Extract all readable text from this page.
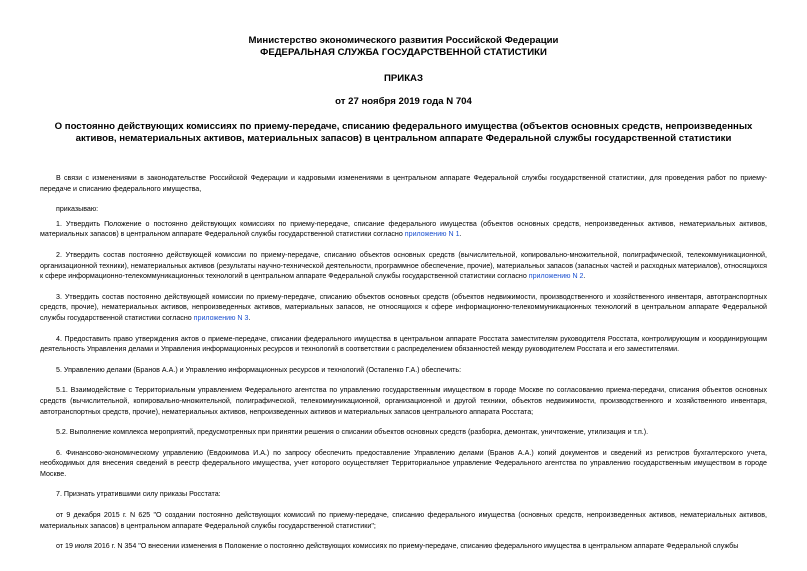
Министерство экономического развития Российской Федерации
ФЕДЕРАЛЬНАЯ СЛУЖБА ГОСУДАРСТВЕННОЙ СТАТИСТИКИ
ПРИКАЗ
от 27 ноября 2019 года N 704
О постоянно действующих комиссиях по приему-передаче, списанию федерального имущества (объектов основных средств, непроизведенных активов, нематериальных активов, материальных запасов) в центральном аппарате Федеральной службы государственной статистики

В связи с изменениями в законодательстве Российской Федерации и кадровыми изменениями в центральном аппарате Федеральной службы государственной статистики, для проведения работ по приему-передаче и списанию федерального имущества,

приказываю:

1. Утвердить Положение о постоянно действующих комиссиях по приему-передаче, списание федерального имущества (объектов основных средств, непроизведенных активов, нематериальных активов, материальных запасов) в центральном аппарате Федеральной службы государственной статистики согласно приложению N 1.

2. Утвердить состав постоянно действующей комиссии по приему-передаче, списанию объектов основных средств (вычислительной, копировально-множительной, полиграфической, телекоммуникационной, организационной техники), нематериальных активов (результаты научно-технической деятельности, программное обеспечение, прочие), материальных запасов (запасных частей и расходных материалов), относящихся к сфере информационно-телекоммуникационных технологий в центральном аппарате Федеральной службы государственной статистики согласно приложению N 2.

3. Утвердить состав постоянно действующей комиссии по приему-передаче, списанию объектов основных средств (объектов недвижимости, производственного и хозяйственного инвентаря, автотранспортных средств, прочие), нематериальных активов, непроизведенных активов, материальных запасов, не относящихся к сфере информационно-телекоммуникационных технологий в центральном аппарате Федеральной службы государственной статистики согласно приложению N 3.

4. Предоставить право утверждения актов о приеме-передаче, списании федерального имущества в центральном аппарате Росстата заместителям руководителя Росстата, контролирующим и координирующим деятельность Управления делами и Управления информационных ресурсов и технологий в соответствии с распределением обязанностей между руководителем Росстата и его заместителями.

5. Управлению делами (Бранов А.А.) и Управлению информационных ресурсов и технологий (Остапенко Г.А.) обеспечить:

5.1. Взаимодействие с Территориальным управлением Федерального агентства по управлению государственным имуществом в городе Москве по согласованию приема-передачи, списания объектов основных средств (вычислительной, копировально-множительной, полиграфической, телекоммуникационной, организационной и другой техники, объектов недвижимости, производственного и хозяйственного инвентаря, автотранспортных средств, прочие), нематериальных активов, непроизведенных активов и материальных запасов центрального аппарата Росстата;

5.2. Выполнение комплекса мероприятий, предусмотренных при принятии решения о списании объектов основных средств (разборка, демонтаж, уничтожение, утилизация и т.п.).

6. Финансово-экономическому управлению (Евдокимова И.А.) по запросу обеспечить предоставление Управлению делами (Бранов А.А.) копий документов и сведений из регистров бухгалтерского учета, необходимых для внесения сведений в реестр федерального имущества, учет которого осуществляет Территориальное управление Федерального агентства по управлению государственным имуществом в городе Москве.

7. Признать утратившими силу приказы Росстата:

от 9 декабря 2015 г. N 625 "О создании постоянно действующих комиссий по приему-передаче, списанию федерального имущества (основных средств, непроизведенных активов, нематериальных активов, материальных запасов) в центральном аппарате Федеральной службы государственной статистики";

от 19 июля 2016 г. N 354 "О внесении изменения в Положение о постоянно действующих комиссиях по приему-передаче, списанию федерального имущества в центральном аппарате Федеральной службы
